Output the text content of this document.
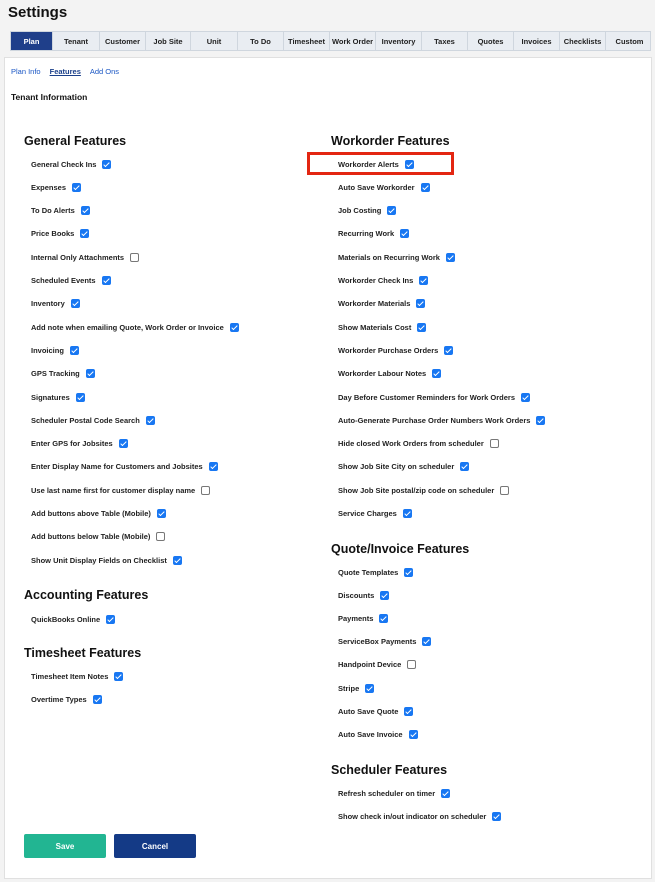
Settings
Plan	Tenant	Customer	Job Site	Unit	To Do	Timesheet Work Order	Inventory	Taxes	Quotes	Invoices	Checklists	Custom
Plan Info Features Add Ons
Tenant Information
General Features
Accounting Features
Timesheet Features
Workorder Features
Quote/Invoice Features
Scheduler Features
Save	Cancel
General Check Ins
Expenses
To Do Alerts
Price Books
Internal Only Attachments
Scheduled Events
Inventory
Add note when emailing Quote, Work Order or Invoice
Invoicing
GPS Tracking
Signatures
Scheduler Postal Code Search
Enter GPS for Jobsites
Enter Display Name for Customers and Jobsites
Use last name first for customer display name
Add buttons above Table (Mobile)
Add buttons below Table (Mobile)
Show Unit Display Fields on Checklist
QuickBooks Online
Timesheet Item Notes
Overtime Types
Workorder Alerts
Auto Save Workorder
Job Costing
Recurring Work
Materials on Recurring Work
Workorder Check Ins
Workorder Materials
Show Materials Cost
Workorder Purchase Orders
Workorder Labour Notes
Day Before Customer Reminders for Work Orders
Auto-Generate Purchase Order Numbers Work Orders
Hide closed Work Orders from scheduler
Show Job Site City on scheduler
Show Job Site postal/zip code on scheduler
Service Charges
Quote Templates
Discounts
Payments
ServiceBox Payments
Handpoint Device
Stripe
Auto Save Quote
Auto Save Invoice
Refresh scheduler on timer
Show check in/out indicator on scheduler
